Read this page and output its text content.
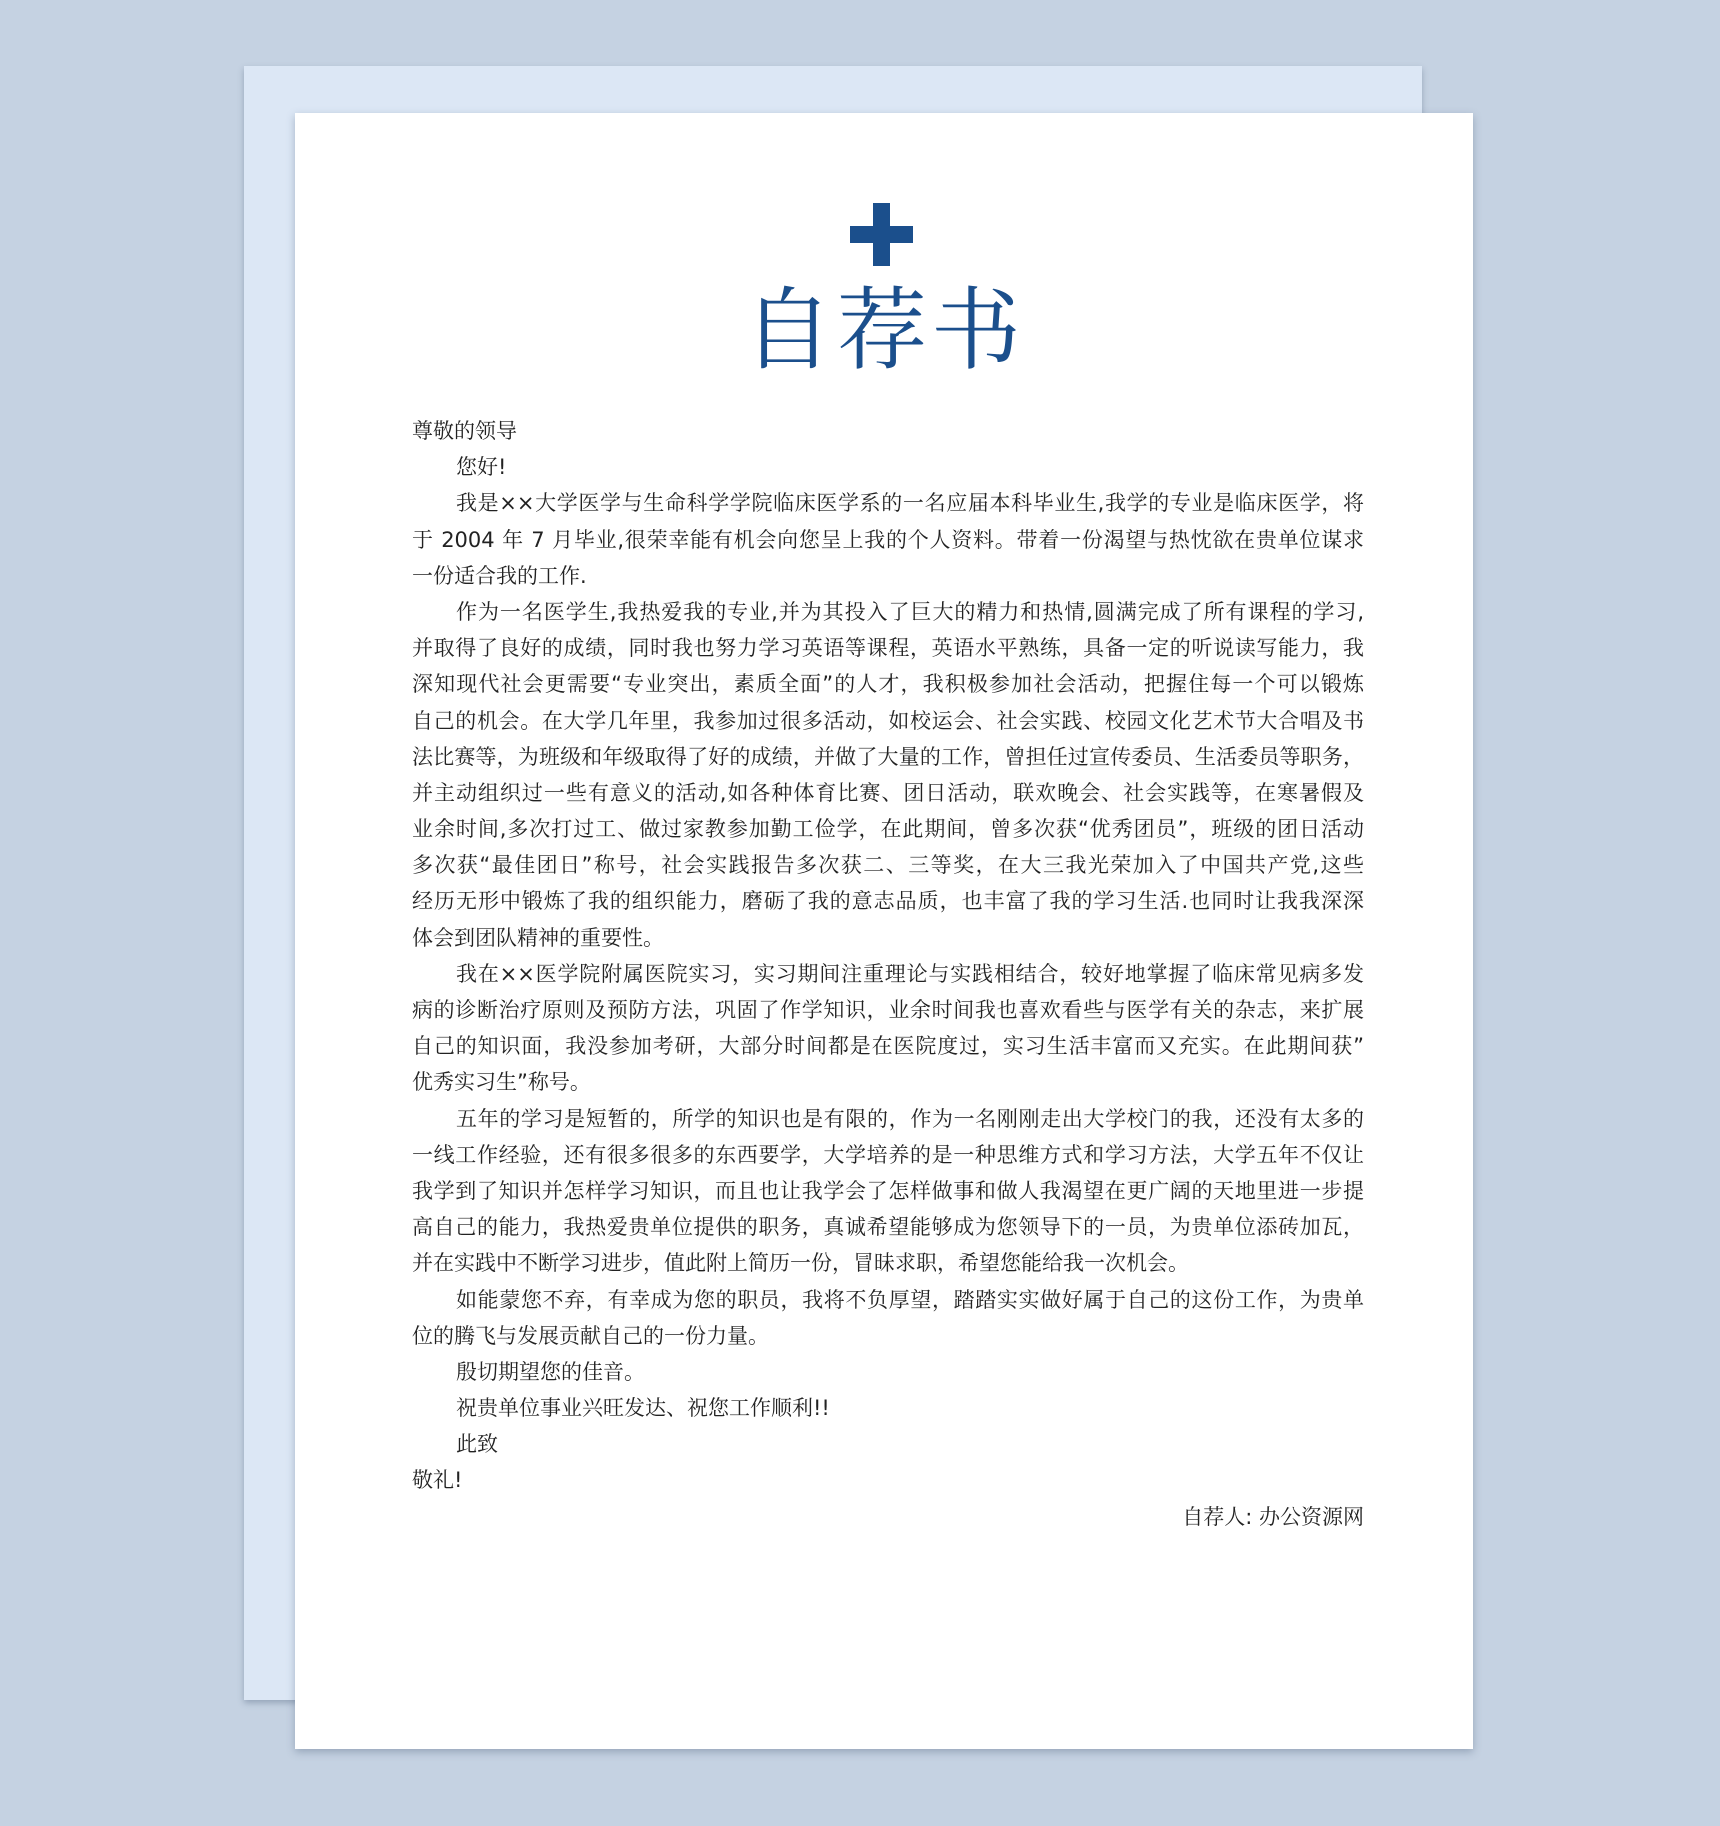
自荐书
尊敬的领导
您好!
我是××大学医学与生命科学学院临床医学系的一名应届本科毕业生,我学的专业是临床医学，将
于 2004 年 7 月毕业,很荣幸能有机会向您呈上我的个人资料。带着一份渴望与热忱欲在贵单位谋求
一份适合我的工作.
作为一名医学生,我热爱我的专业,并为其投入了巨大的精力和热情,圆满完成了所有课程的学习,
并取得了良好的成绩，同时我也努力学习英语等课程，英语水平熟练，具备一定的听说读写能力，我
深知现代社会更需要“专业突出，素质全面”的人才，我积极参加社会活动，把握住每一个可以锻炼
自己的机会。在大学几年里，我参加过很多活动，如校运会、社会实践、校园文化艺术节大合唱及书
法比赛等，为班级和年级取得了好的成绩，并做了大量的工作，曾担任过宣传委员、生活委员等职务，
并主动组织过一些有意义的活动,如各种体育比赛、团日活动，联欢晚会、社会实践等，在寒暑假及
业余时间,多次打过工、做过家教参加勤工俭学，在此期间，曾多次获“优秀团员”，班级的团日活动
多次获“最佳团日”称号，社会实践报告多次获二、三等奖，在大三我光荣加入了中国共产党,这些
经历无形中锻炼了我的组织能力，磨砺了我的意志品质，也丰富了我的学习生活.也同时让我我深深
体会到团队精神的重要性。
我在××医学院附属医院实习，实习期间注重理论与实践相结合，较好地掌握了临床常见病多发
病的诊断治疗原则及预防方法，巩固了作学知识，业余时间我也喜欢看些与医学有关的杂志，来扩展
自己的知识面，我没参加考研，大部分时间都是在医院度过，实习生活丰富而又充实。在此期间获”
优秀实习生”称号。
五年的学习是短暂的，所学的知识也是有限的，作为一名刚刚走出大学校门的我，还没有太多的
一线工作经验，还有很多很多的东西要学，大学培养的是一种思维方式和学习方法，大学五年不仅让
我学到了知识并怎样学习知识，而且也让我学会了怎样做事和做人我渴望在更广阔的天地里进一步提
高自己的能力，我热爱贵单位提供的职务，真诚希望能够成为您领导下的一员，为贵单位添砖加瓦，
并在实践中不断学习进步，值此附上简历一份，冒昧求职，希望您能给我一次机会。
如能蒙您不弃，有幸成为您的职员，我将不负厚望，踏踏实实做好属于自己的这份工作，为贵单
位的腾飞与发展贡献自己的一份力量。
殷切期望您的佳音。
祝贵单位事业兴旺发达、祝您工作顺利!!
此致
敬礼!
自荐人: 办公资源网
